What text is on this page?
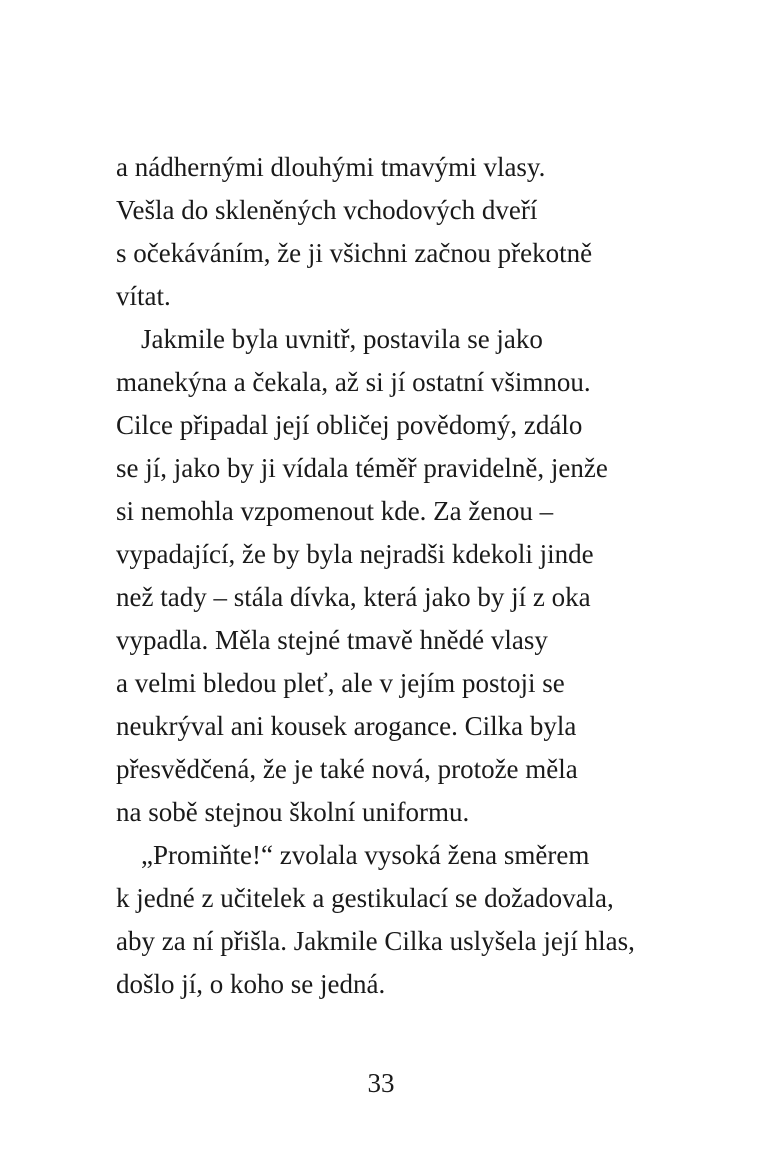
a nádhernými dlouhými tmavými vlasy.
Vešla do skleněných vchodových dveří
s očekáváním, že ji všichni začnou překotně
vítat.
Jakmile byla uvnitř, postavila se jako
manekýna a čekala, až si jí ostatní všimnou.
Cilce připadal její obličej povědomý, zdálo
se jí, jako by ji vídala téměř pravidelně, jenže
si nemohla vzpomenout kde. Za ženou –
vypadající, že by byla nejradši kdekoli jinde
než tady – stála dívka, která jako by jí z oka
vypadla. Měla stejné tmavě hnědé vlasy
a velmi bledou pleť, ale v jejím postoji se
neukrýval ani kousek arogance. Cilka byla
přesvědčená, že je také nová, protože měla
na sobě stejnou školní uniformu.
„Promiňte!“ zvolala vysoká žena směrem
k jedné z učitelek a gestikulací se dožadovala,
aby za ní přišla. Jakmile Cilka uslyšela její hlas,
došlo jí, o koho se jedná.
33
